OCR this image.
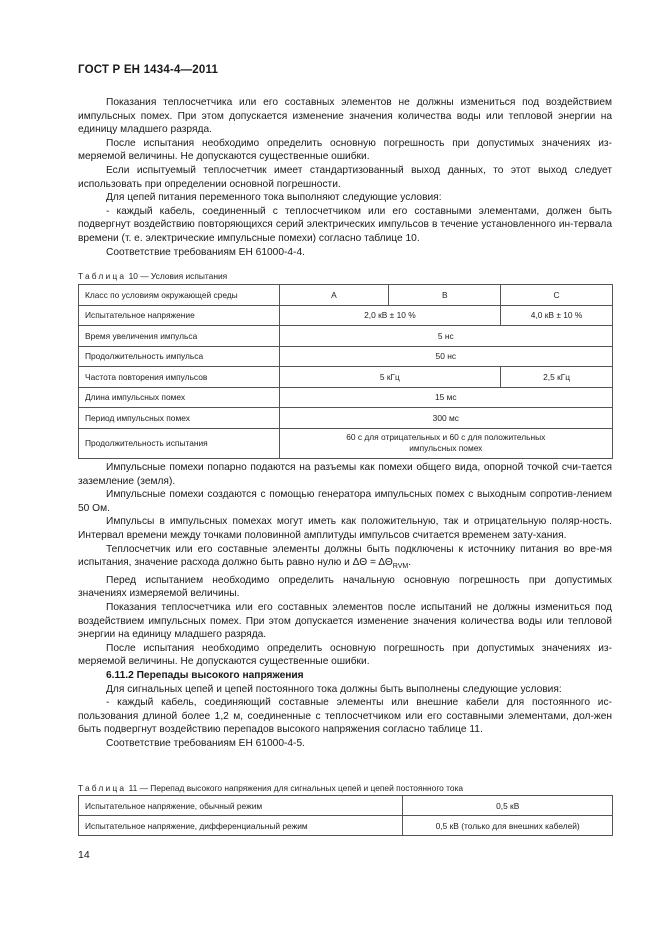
ГОСТ Р ЕН 1434-4—2011

Показания теплосчетчика или его составных элементов не должны измениться под воздействием импульсных помех. При этом допускается изменение значения количества воды или тепловой энергии на единицу младшего разряда.

После испытания необходимо определить основную погрешность при допустимых значениях из-меряемой величины. Не допускаются существенные ошибки.

Если испытуемый теплосчетчик имеет стандартизованный выход данных, то этот выход следует использовать при определении основной погрешности.

Для цепей питания переменного тока выполняют следующие условия:

- каждый кабель, соединенный с теплосчетчиком или его составными элементами, должен быть подвергнут воздействию повторяющихся серий электрических импульсов в течение установленного ин-тервала времени (т. е. электрические импульсные помехи) согласно таблице 10.

Соответствие требованиям ЕН 61000-4-4.

Таблица 10 — Условия испытания
Класс по условиям окружающей среды	A	B	C
Испытательное напряжение	2,0 кВ ± 10 %		4,0 кВ ± 10 %
Время увеличения импульса	5 нс		
Продолжительность импульса	50 нс		
Частота повторения импульсов	5 кГц		2,5 кГц
Длина импульсных помех	15 мс		
Период импульсных помех	300 мс		
Продолжительность испытания	60 с для отрицательных и 60 с для положительных импульсных помех		

Импульсные помехи попарно подаются на разъемы как помехи общего вида, опорной точкой счи-тается заземление (земля).

Импульсные помехи создаются с помощью генератора импульсных помех с выходным сопротив-лением 50 Ом.

Импульсы в импульсных помехах могут иметь как положительную, так и отрицательную поляр-ность. Интервал времени между точками половинной амплитуды импульсов считается временем зату-хания.

Теплосчетчик или его составные элементы должны быть подключены к источнику питания во вре-мя испытания, значение расхода должно быть равно нулю и $\Delta\Theta = \Delta\Theta_{RVM}$.

Перед испытанием необходимо определить начальную основную погрешность при допустимых значениях измеряемой величины.

Показания теплосчетчика или его составных элементов после испытаний не должны измениться под воздействием импульсных помех. При этом допускается изменение значения количества воды или тепловой энергии на единицу младшего разряда.

После испытания необходимо определить основную погрешность при допустимых значениях из-меряемой величины. Не допускаются существенные ошибки.

6.11.2 Перепады высокого напряжения

Для сигнальных цепей и цепей постоянного тока должны быть выполнены следующие условия:

- каждый кабель, соединяющий составные элементы или внешние кабели для постоянного ис-пользования длиной более 1,2 м, соединенные с теплосчетчиком или его составными элементами, дол-жен быть подвергнут воздействию перепадов высокого напряжения согласно таблице 11.

Соответствие требованиям ЕН 61000-4-5.

Таблица 11 — Перепад высокого напряжения для сигнальных цепей и цепей постоянного тока
Испытательное напряжение, обычный режим	0,5 кВ
Испытательное напряжение, дифференциальный режим	0,5 кВ (только для внешних кабелей)
14
